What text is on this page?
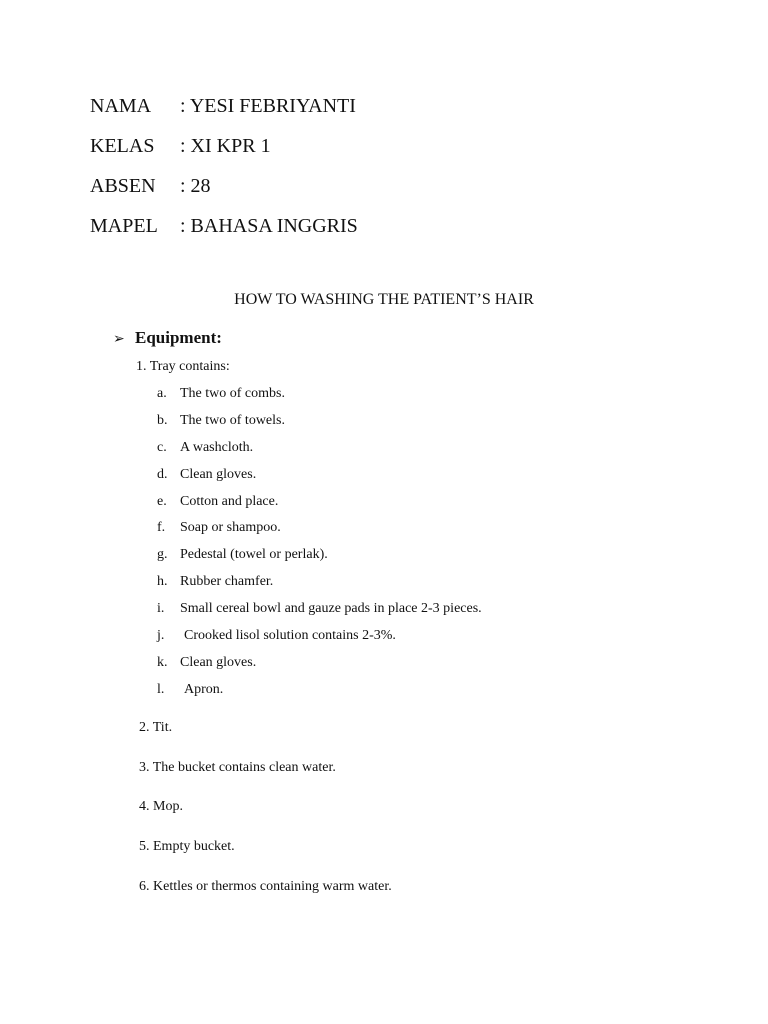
NAMA : YESI FEBRIYANTI
KELAS : XI KPR 1
ABSEN : 28
MAPEL : BAHASA INGGRIS
HOW TO WASHING THE PATIENT’S HAIR
➢ Equipment:
1. Tray contains:
a. The two of combs.
b. The two of towels.
c. A washcloth.
d. Clean gloves.
e. Cotton and place.
f. Soap or shampoo.
g. Pedestal (towel or perlak).
h. Rubber chamfer.
i. Small cereal bowl and gauze pads in place 2-3 pieces.
j. Crooked lisol solution contains 2-3%.
k. Clean gloves.
l. Apron.
2. Tit.
3. The bucket contains clean water.
4. Mop.
5. Empty bucket.
6. Kettles or thermos containing warm water.
